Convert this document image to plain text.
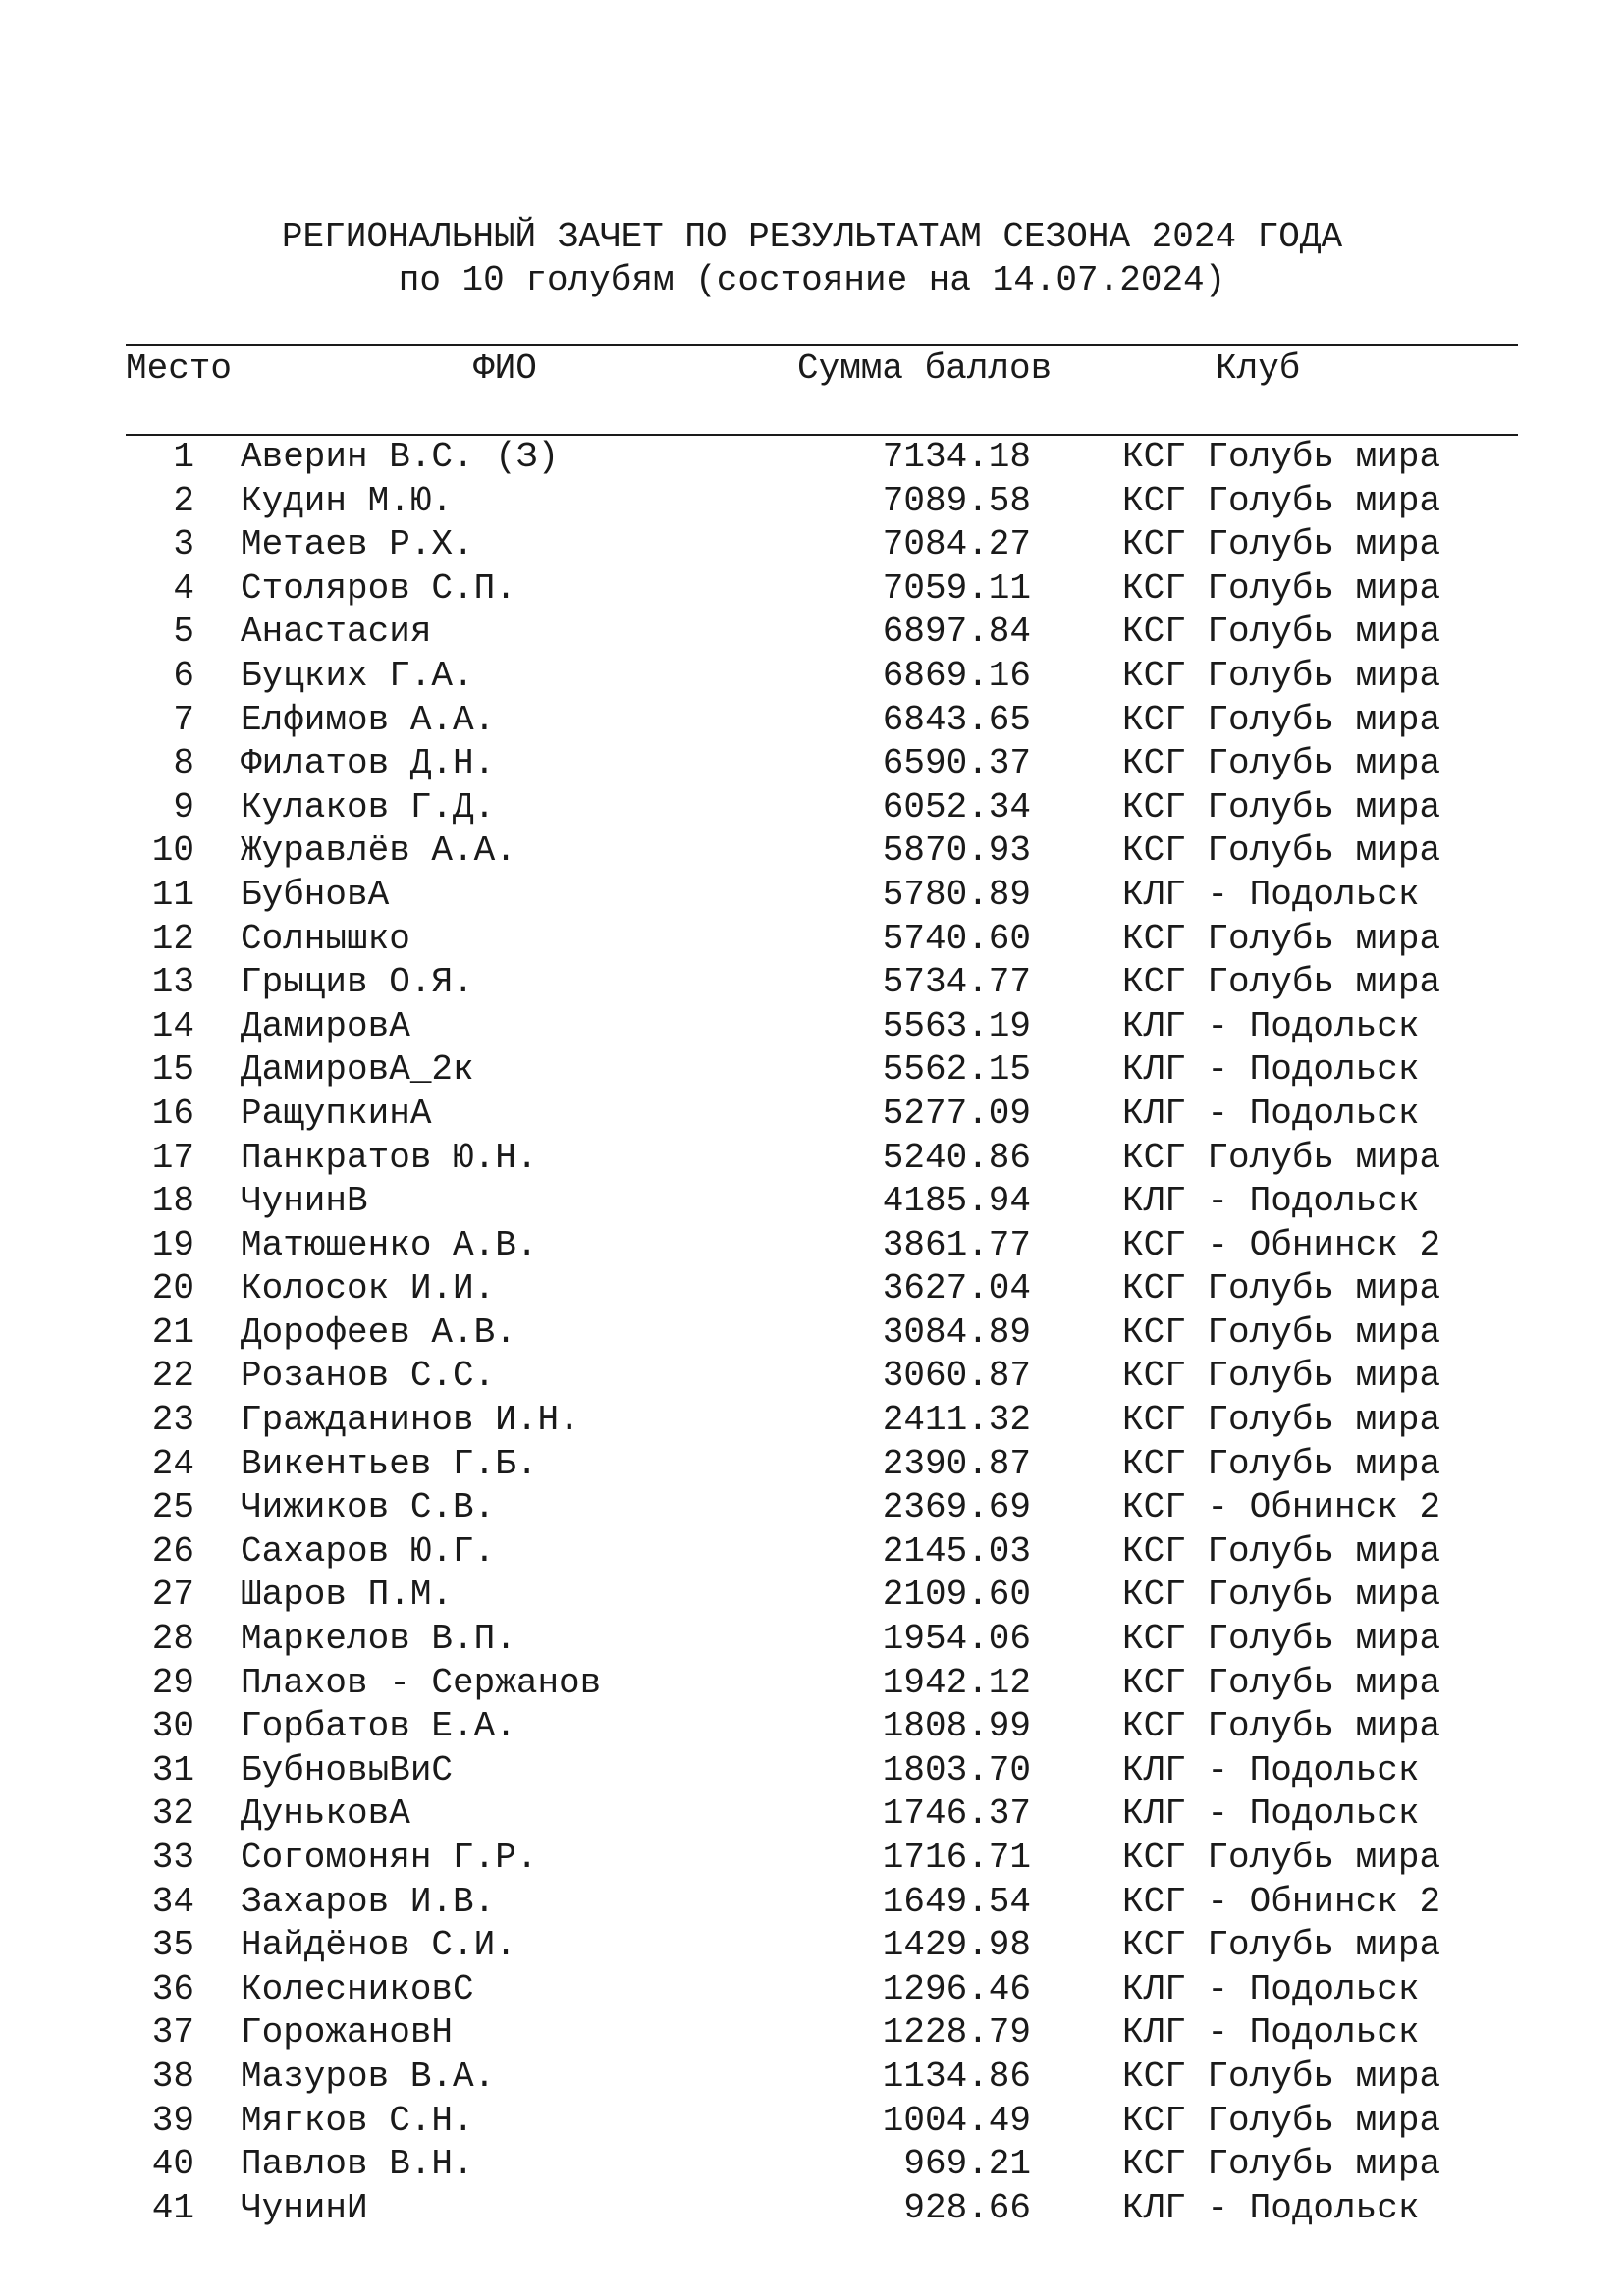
РЕГИОНАЛЬНЫЙ ЗАЧЕТ ПО РЕЗУЛЬТАТАМ СЕЗОНА 2024 ГОДА
по 10 голубям (состояние на 14.07.2024)
Место	ФИО	Сумма баллов	Клуб
1 Аверин В.С. (З)	7134.18	КСГ Голубь мира
2 Кудин М.Ю.	7089.58	КСГ Голубь мира
3 Метаев Р.Х.	7084.27	КСГ Голубь мира
4 Столяров С.П.	7059.11	КСГ Голубь мира
5 Анастасия	6897.84	КСГ Голубь мира
6 Буцких Г.А.	6869.16	КСГ Голубь мира
7 Елфимов А.А.	6843.65	КСГ Голубь мира
8 Филатов Д.Н.	6590.37	КСГ Голубь мира
9 Кулаков Г.Д.	6052.34	КСГ Голубь мира
10 Журавлёв А.А.	5870.93	КСГ Голубь мира
11 БубновА	5780.89	КЛГ - Подольск
12 Солнышко	5740.60	КСГ Голубь мира
13 Грыцив О.Я.	5734.77	КСГ Голубь мира
14 ДамировА	5563.19	КЛГ - Подольск
15 ДамировА_2к	5562.15	КЛГ - Подольск
16 РащупкинА	5277.09	КЛГ - Подольск
17 Панкратов Ю.Н.	5240.86	КСГ Голубь мира
18 ЧунинВ	4185.94	КЛГ - Подольск
19 Матюшенко А.В.	3861.77	КСГ - Обнинск 2
20 Колосок И.И.	3627.04	КСГ Голубь мира
21 Дорофеев А.В.	3084.89	КСГ Голубь мира
22 Розанов С.С.	3060.87	КСГ Голубь мира
23 Гражданинов И.Н.	2411.32	КСГ Голубь мира
24 Викентьев Г.Б.	2390.87	КСГ Голубь мира
25 Чижиков С.В.	2369.69	КСГ - Обнинск 2
26 Сахаров Ю.Г.	2145.03	КСГ Голубь мира
27 Шаров П.М.	2109.60	КСГ Голубь мира
28 Маркелов В.П.	1954.06	КСГ Голубь мира
29 Плахов - Сержанов	1942.12	КСГ Голубь мира
30 Горбатов Е.А.	1808.99	КСГ Голубь мира
31 БубновыВиС	1803.70	КЛГ - Подольск
32 ДуньковА	1746.37	КЛГ - Подольск
33 Согомонян Г.Р.	1716.71	КСГ Голубь мира
34 Захаров И.В.	1649.54	КСГ - Обнинск 2
35 Найдёнов С.И.	1429.98	КСГ Голубь мира
36 КолесниковС	1296.46	КЛГ - Подольск
37 ГорожановН	1228.79	КЛГ - Подольск
38 Мазуров В.А.	1134.86	КСГ Голубь мира
39 Мягков С.Н.	1004.49	КСГ Голубь мира
40 Павлов В.Н.	969.21	КСГ Голубь мира
41 ЧунинИ	928.66	КЛГ - Подольск
